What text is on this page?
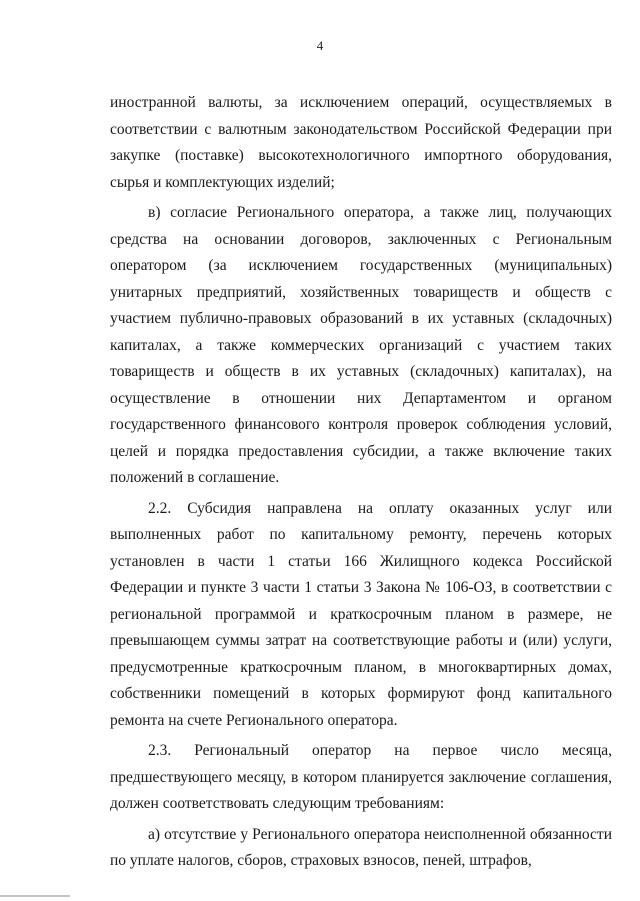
4

иностранной валюты, за исключением операций, осуществляемых в соответствии с валютным законодательством Российской Федерации при закупке (поставке) высокотехнологичного импортного оборудования, сырья и комплектующих изделий;

в) согласие Регионального оператора, а также лиц, получающих средства на основании договоров, заключенных с Региональным оператором (за исключением государственных (муниципальных) унитарных предприятий, хозяйственных товариществ и обществ с участием публично-правовых образований в их уставных (складочных) капиталах, а также коммерческих организаций с участием таких товариществ и обществ в их уставных (складочных) капиталах), на осуществление в отношении них Департаментом и органом государственного финансового контроля проверок соблюдения условий, целей и порядка предоставления субсидии, а также включение таких положений в соглашение.

2.2. Субсидия направлена на оплату оказанных услуг или выполненных работ по капитальному ремонту, перечень которых установлен в части 1 статьи 166 Жилищного кодекса Российской Федерации и пункте 3 части 1 статьи 3 Закона № 106-ОЗ, в соответствии с региональной программой и краткосрочным планом в размере, не превышающем суммы затрат на соответствующие работы и (или) услуги, предусмотренные краткосрочным планом, в многоквартирных домах, собственники помещений в которых формируют фонд капитального ремонта на счете Регионального оператора.

2.3. Региональный оператор на первое число месяца, предшествующего месяцу, в котором планируется заключение соглашения, должен соответствовать следующим требованиям:

а) отсутствие у Регионального оператора неисполненной обязанности по уплате налогов, сборов, страховых взносов, пеней, штрафов,
